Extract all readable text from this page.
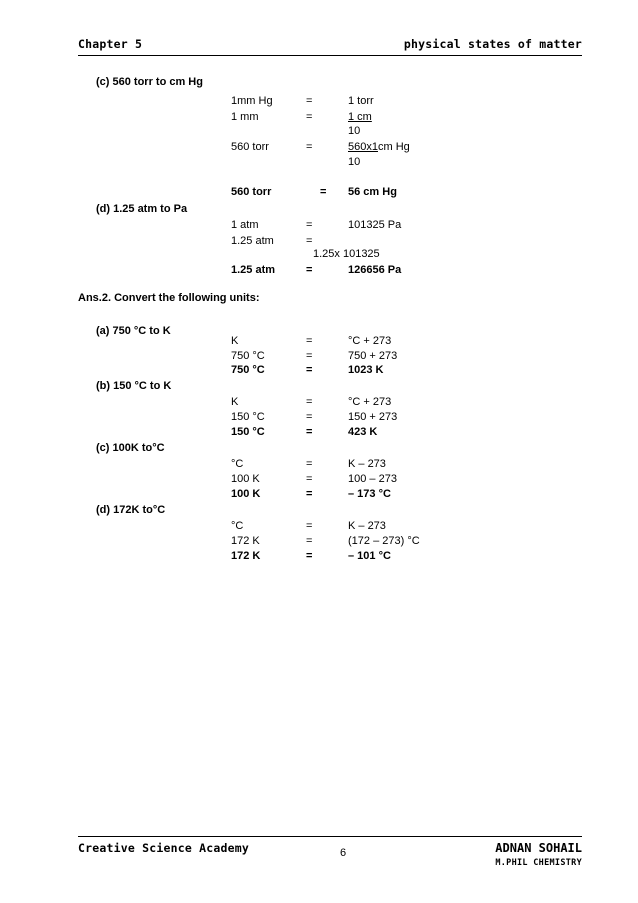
Chapter 5	physical states of matter
(c) 560 torr to cm Hg
1mm Hg	=	1 torr
1 mm	=	1 cm
10
560 torr	=	560x1cm Hg
10
560 torr	= 56 cm Hg
(d) 1.25 atm to Pa
1 atm	=	101325 Pa
1.25 atm	=
1.25x 101325
1.25 atm	=	126656 Pa
Ans.2. Convert the following units:
(a) 750 °C to K
K	=	°C + 273
750 °C	=	750 + 273
750 °C	=	1023 K
(b) 150 °C to K
K	=	°C + 273
150 °C	=	150 + 273
150 °C	=	423 K
(c) 100K to°C
°C	=	K – 273
100 K	=	100 – 273
100 K	=	– 173 °C
(d) 172K to°C
°C	=	K – 273
172 K	=	(172 – 273) °C
172 K	=	– 101 °C
Creative Science Academy	6	ADNAN SOHAIL
M.PHIL CHEMISTRY
